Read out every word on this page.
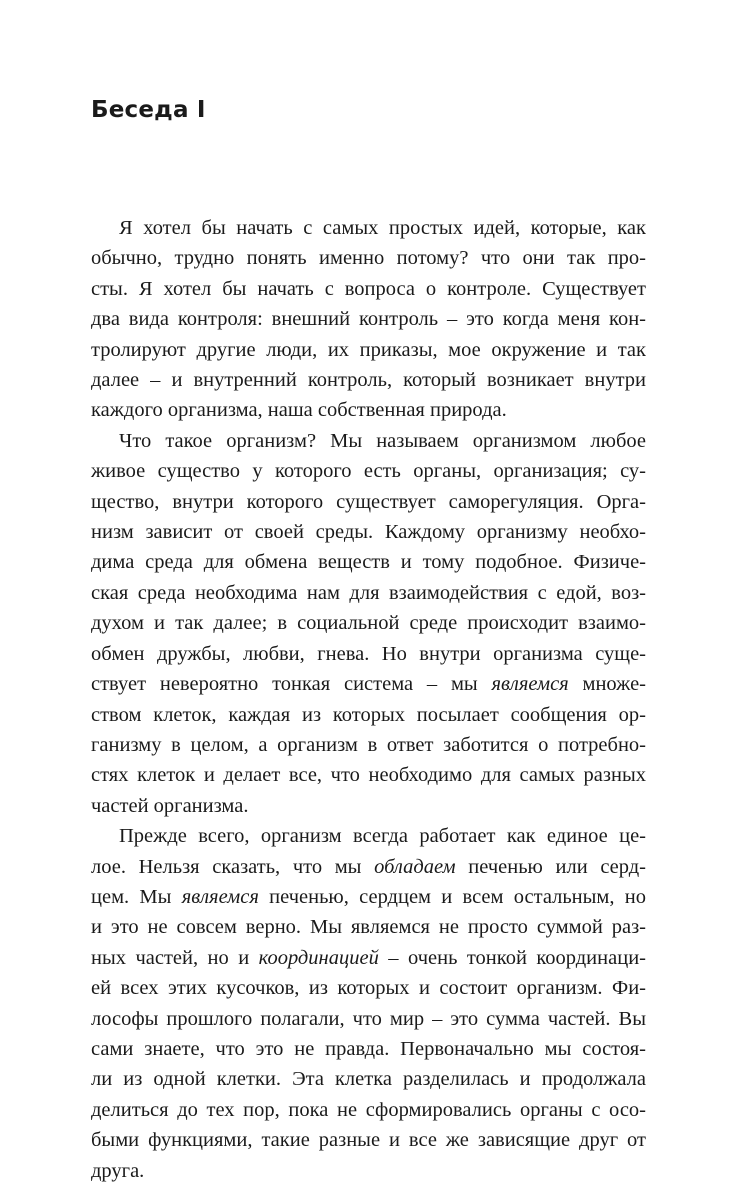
Беседа I
Я хотел бы начать с самых простых идей, которые, как
обычно, трудно понять именно потому? что они так про-
сты. Я хотел бы начать с вопроса о контроле. Существует
два вида контроля: внешний контроль – это когда меня кон-
тролируют другие люди, их приказы, мое окружение и так
далее – и внутренний контроль, который возникает внутри
каждого организма, наша собственная природа.
Что такое организм? Мы называем организмом любое
живое существо у которого есть органы, организация; су-
щество, внутри которого существует саморегуляция. Орга-
низм зависит от своей среды. Каждому организму необхо-
дима среда для обмена веществ и тому подобное. Физиче-
ская среда необходима нам для взаимодействия с едой, воз-
духом и так далее; в социальной среде происходит взаимо-
обмен дружбы, любви, гнева. Но внутри организма суще-
ствует невероятно тонкая система – мы являемся множе-
ством клеток, каждая из которых посылает сообщения ор-
ганизму в целом, а организм в ответ заботится о потребно-
стях клеток и делает все, что необходимо для самых разных
частей организма.
Прежде всего, организм всегда работает как единое це-
лое. Нельзя сказать, что мы обладаем печенью или серд-
цем. Мы являемся печенью, сердцем и всем остальным, но
и это не совсем верно. Мы являемся не просто суммой раз-
ных частей, но и координацией – очень тонкой координаци-
ей всех этих кусочков, из которых и состоит организм. Фи-
лософы прошлого полагали, что мир – это сумма частей. Вы
сами знаете, что это не правда. Первоначально мы состоя-
ли из одной клетки. Эта клетка разделилась и продолжала
делиться до тех пор, пока не сформировались органы с осо-
быми функциями, такие разные и все же зависящие друг от
друга.
